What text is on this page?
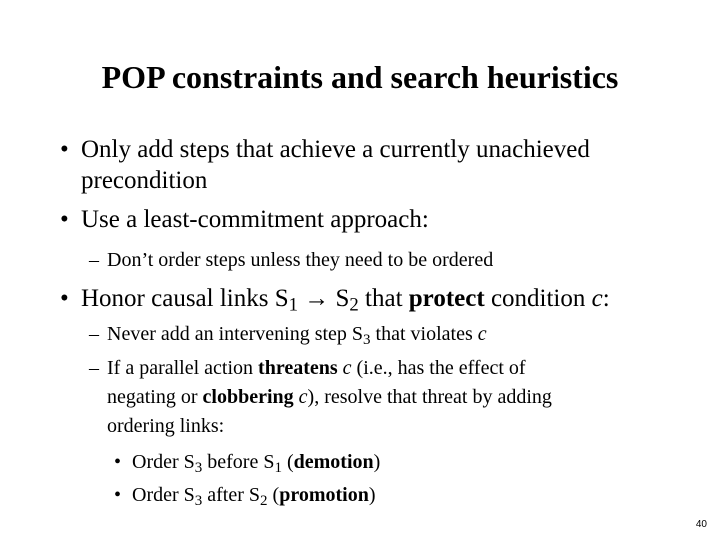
POP constraints and search heuristics
• Only add steps that achieve a currently unachieved
precondition
• Use a least-commitment approach:
– Don’t order steps unless they need to be ordered
• Honor causal links $S_1 \to S_2$ that protect condition c:
– Never add an intervening step $S_3$ that violates c
– If a parallel action threatens c (i.e., has the effect of
negating or clobbering c), resolve that threat by adding
ordering links:
• Order $S_3$ before $S_1$ (demotion)
• Order $S_3$ after $S_2$ (promotion)
40
